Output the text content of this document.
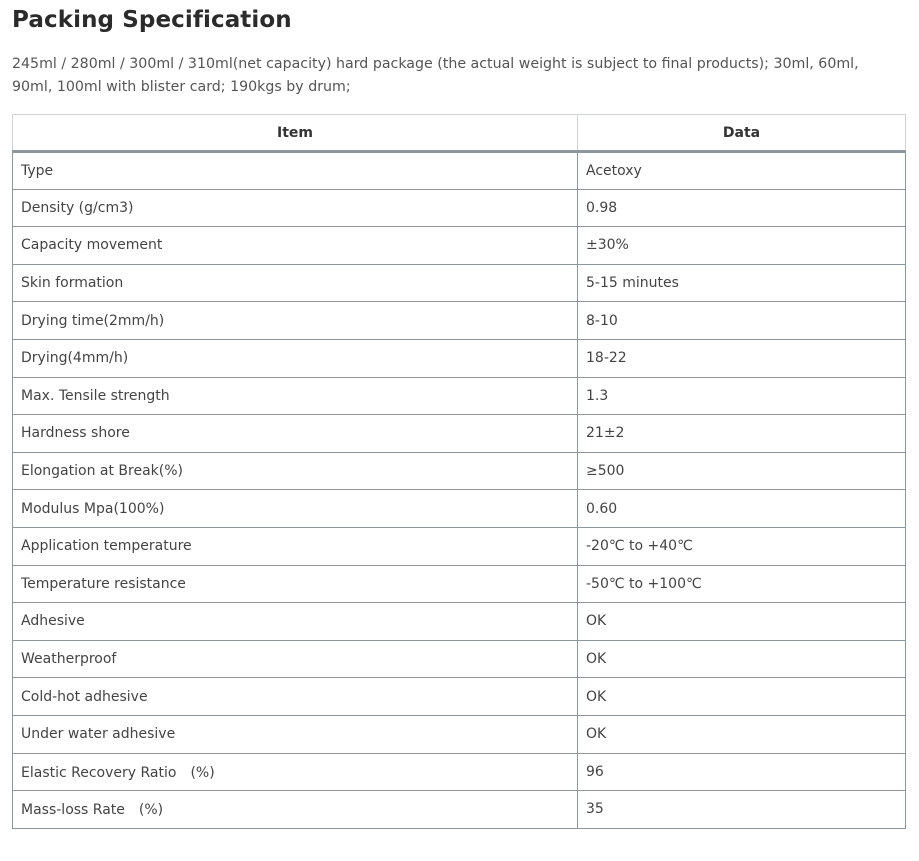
Packing Specification

245ml / 280ml / 300ml / 310ml(net capacity) hard package (the actual weight is subject to final products); 30ml, 60ml, 90ml, 100ml with blister card; 190kgs by drum;

Item	Data
Type	Acetoxy
Density (g/cm3)	0.98
Capacity movement	±30%
Skin formation	5-15 minutes
Drying time(2mm/h)	8-10
Drying(4mm/h)	18-22
Max. Tensile strength	1.3
Hardness shore	21±2
Elongation at Break(%)	≥500
Modulus Mpa(100%)	0.60
Application temperature	-20℃ to +40℃
Temperature resistance	-50℃ to +100℃
Adhesive	OK
Weatherproof	OK
Cold-hot adhesive	OK
Under water adhesive	OK
Elastic Recovery Ratio　(%)	96
Mass-loss Rate　(%)	35
